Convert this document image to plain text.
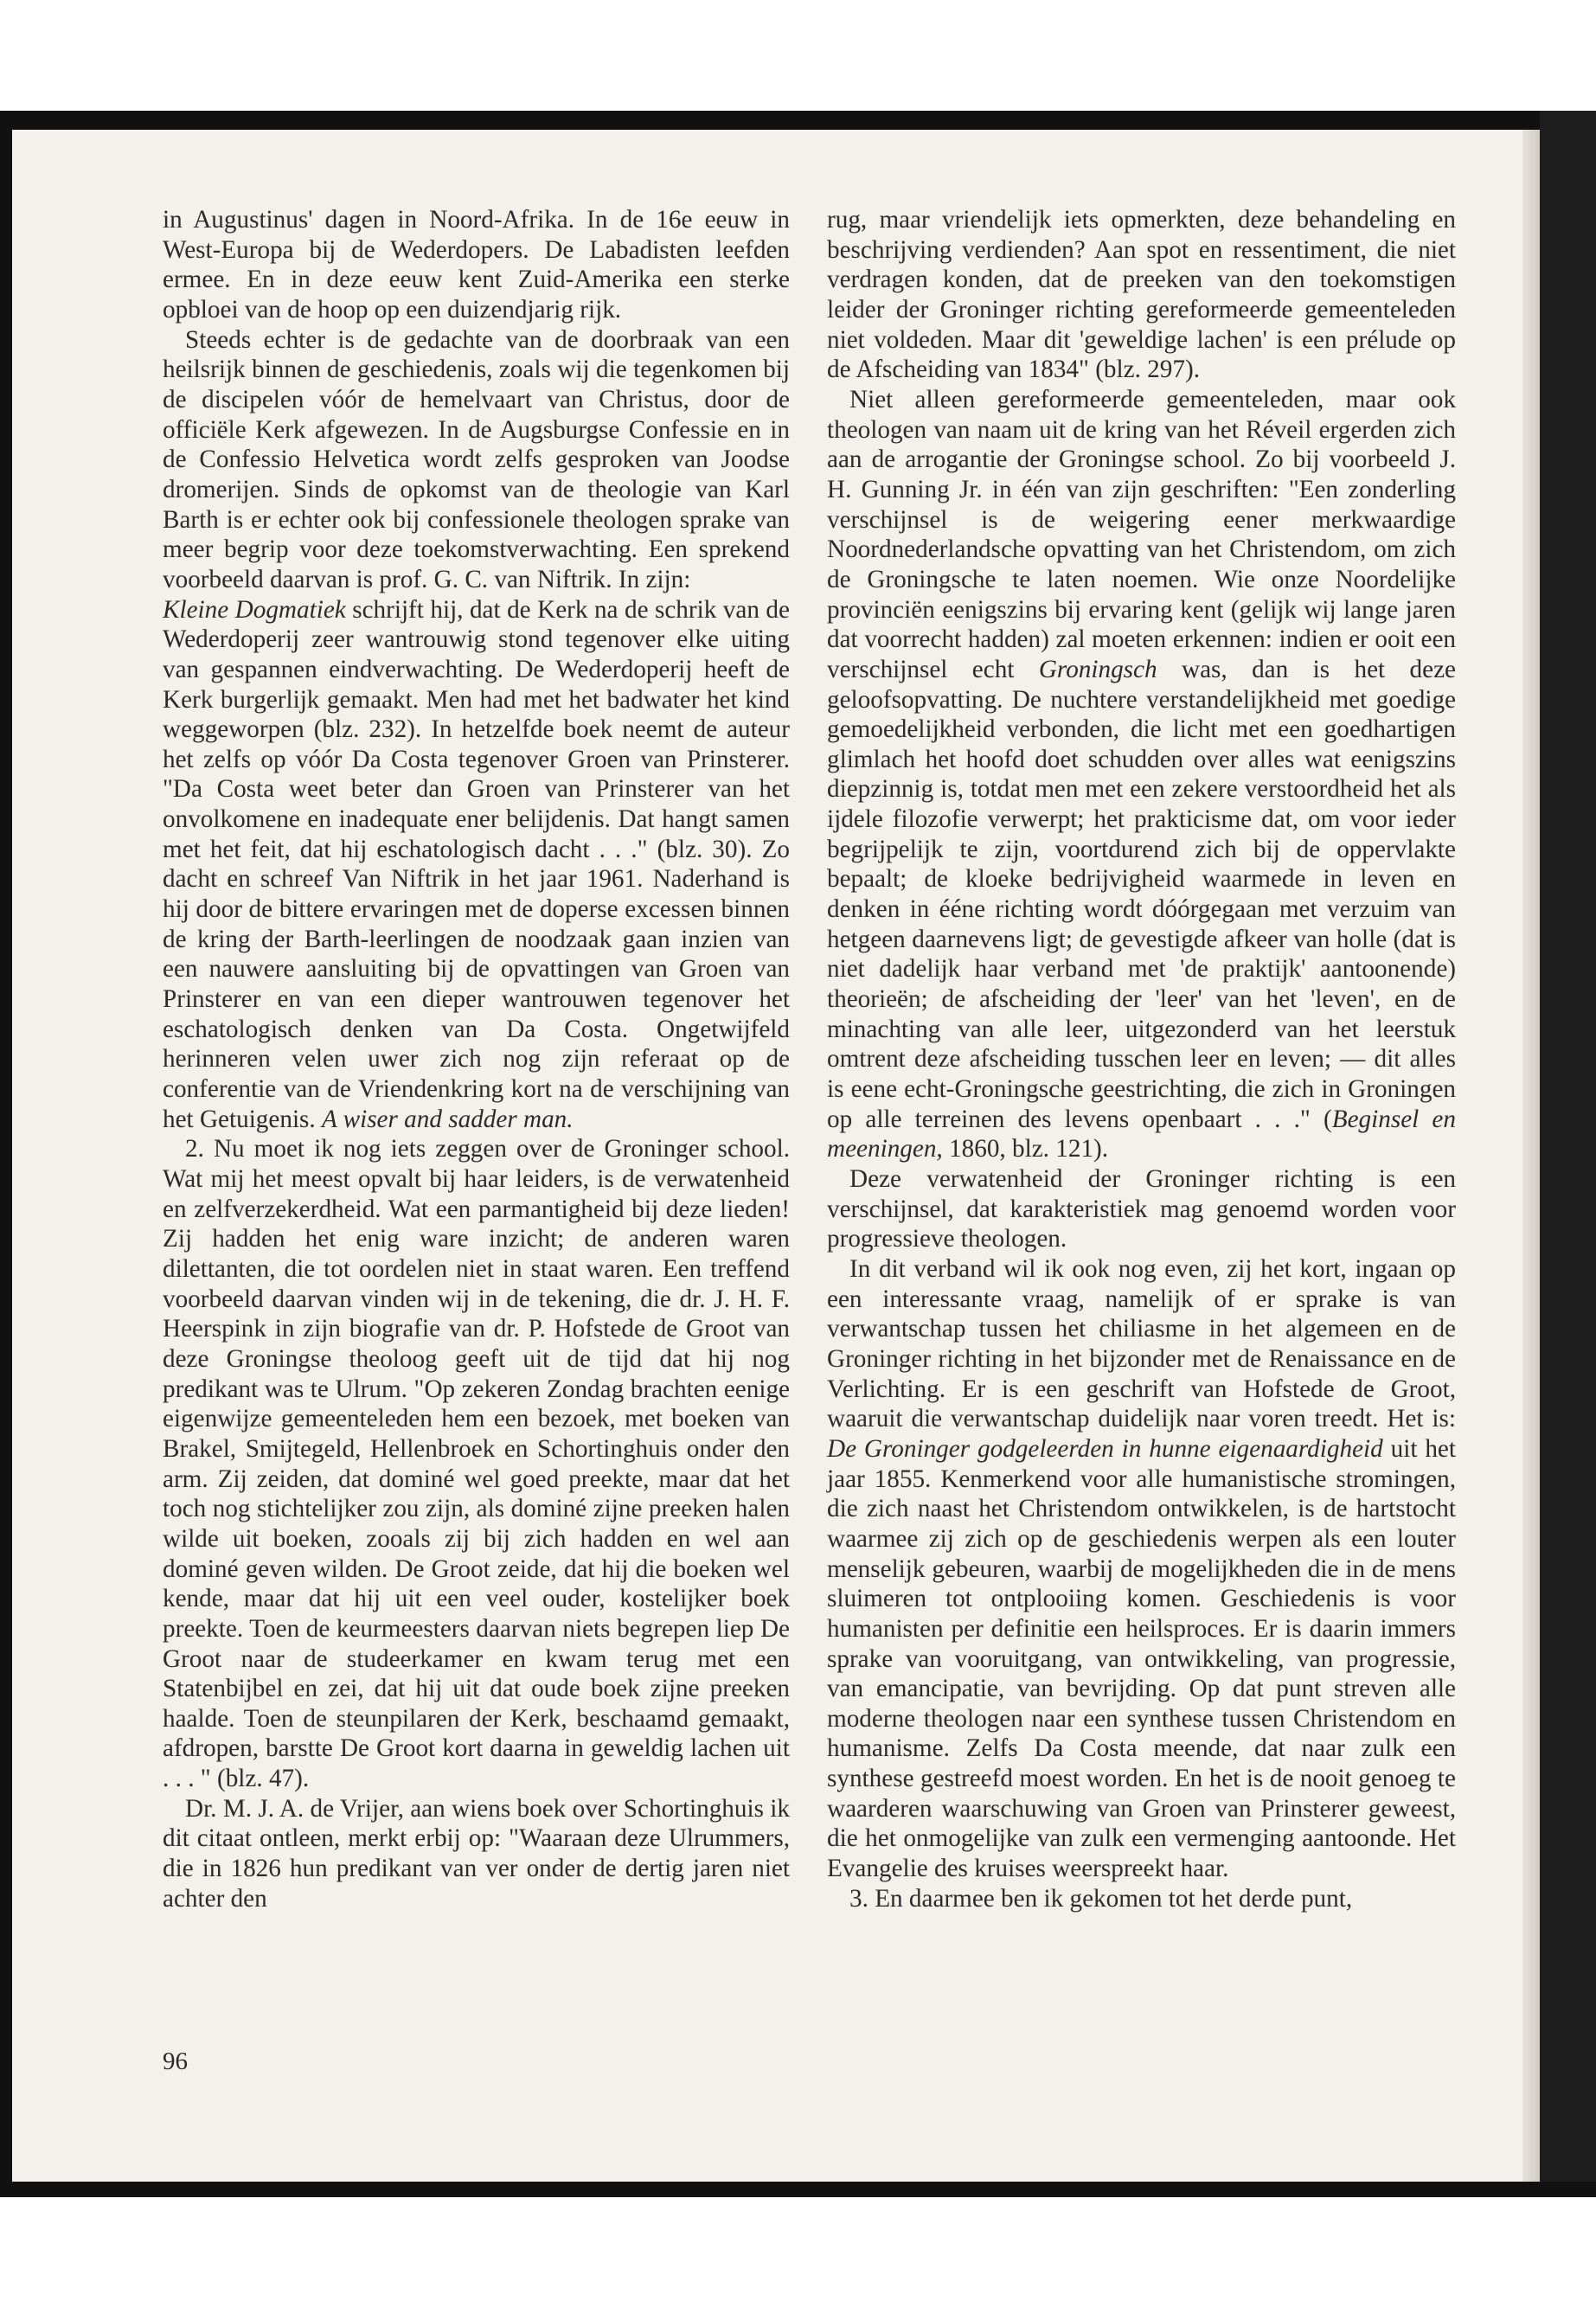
in Augustinus' dagen in Noord-Afrika. In de 16e eeuw in West-Europa bij de Wederdopers. De Labadisten leefden ermee. En in deze eeuw kent Zuid-Amerika een sterke opbloei van de hoop op een duizendjarig rijk.

Steeds echter is de gedachte van de doorbraak van een heilsrijk binnen de geschiedenis, zoals wij die tegenkomen bij de discipelen vóór de hemelvaart van Christus, door de officiële Kerk afgewezen. In de Augsburgse Confessie en in de Confessio Helvetica wordt zelfs gesproken van Joodse dromerijen. Sinds de opkomst van de theologie van Karl Barth is er echter ook bij confessionele theologen sprake van meer begrip voor deze toekomstverwachting. Een sprekend voorbeeld daarvan is prof. G. C. van Niftrik. In zijn:

Kleine Dogmatiek schrijft hij, dat de Kerk na de schrik van de Wederdoperij zeer wantrouwig stond tegenover elke uiting van gespannen eindverwachting. De Wederdoperij heeft de Kerk burgerlijk gemaakt. Men had met het badwater het kind weggeworpen (blz. 232). In hetzelfde boek neemt de auteur het zelfs op vóór Da Costa tegenover Groen van Prinsterer. "Da Costa weet beter dan Groen van Prinsterer van het onvolkomene en inadequate ener belijdenis. Dat hangt samen met het feit, dat hij eschatologisch dacht . . ." (blz. 30). Zo dacht en schreef Van Niftrik in het jaar 1961. Naderhand is hij door de bittere ervaringen met de doperse excessen binnen de kring der Barth-leerlingen de noodzaak gaan inzien van een nauwere aansluiting bij de opvattingen van Groen van Prinsterer en van een dieper wantrouwen tegenover het eschatologisch denken van Da Costa. Ongetwijfeld herinneren velen uwer zich nog zijn referaat op de conferentie van de Vriendenkring kort na de verschijning van het Getuigenis. A wiser and sadder man.

2. Nu moet ik nog iets zeggen over de Groninger school. Wat mij het meest opvalt bij haar leiders, is de verwatenheid en zelfverzekerdheid. Wat een parmantigheid bij deze lieden! Zij hadden het enig ware inzicht; de anderen waren dilettanten, die tot oordelen niet in staat waren. Een treffend voorbeeld daarvan vinden wij in de tekening, die dr. J. H. F. Heerspink in zijn biografie van dr. P. Hofstede de Groot van deze Groningse theoloog geeft uit de tijd dat hij nog predikant was te Ulrum. "Op zekeren Zondag brachten eenige eigenwijze gemeenteleden hem een bezoek, met boeken van Brakel, Smijtegeld, Hellenbroek en Schortinghuis onder den arm. Zij zeiden, dat dominé wel goed preekte, maar dat het toch nog stichtelijker zou zijn, als dominé zijne preeken halen wilde uit boeken, zooals zij bij zich hadden en wel aan dominé geven wilden. De Groot zeide, dat hij die boeken wel kende, maar dat hij uit een veel ouder, kostelijker boek preekte. Toen de keurmeesters daarvan niets begrepen liep De Groot naar de studeerkamer en kwam terug met een Statenbijbel en zei, dat hij uit dat oude boek zijne preeken haalde. Toen de steunpilaren der Kerk, beschaamd gemaakt, afdropen, barstte De Groot kort daarna in geweldig lachen uit . . . " (blz. 47).

Dr. M. J. A. de Vrijer, aan wiens boek over Schortinghuis ik dit citaat ontleen, merkt erbij op: "Waaraan deze Ulrummers, die in 1826 hun predikant van ver onder de dertig jaren niet achter den

96

rug, maar vriendelijk iets opmerkten, deze behandeling en beschrijving verdienden? Aan spot en ressentiment, die niet verdragen konden, dat de preeken van den toekomstigen leider der Groninger richting gereformeerde gemeenteleden niet voldeden. Maar dit 'geweldige lachen' is een prélude op de Afscheiding van 1834" (blz. 297).

Niet alleen gereformeerde gemeenteleden, maar ook theologen van naam uit de kring van het Réveil ergerden zich aan de arrogantie der Groningse school. Zo bij voorbeeld J. H. Gunning Jr. in één van zijn geschriften: "Een zonderling verschijnsel is de weigering eener merkwaardige Noordnederlandsche opvatting van het Christendom, om zich de Groningsche te laten noemen. Wie onze Noordelijke provinciën eenigszins bij ervaring kent (gelijk wij lange jaren dat voorrecht hadden) zal moeten erkennen: indien er ooit een verschijnsel echt Groningsch was, dan is het deze geloofsopvatting. De nuchtere verstandelijkheid met goedige gemoedelijkheid verbonden, die licht met een goedhartigen glimlach het hoofd doet schudden over alles wat eenigszins diepzinnig is, totdat men met een zekere verstoordheid het als ijdele filozofie verwerpt; het prakticisme dat, om voor ieder begrijpelijk te zijn, voortdurend zich bij de oppervlakte bepaalt; de kloeke bedrijvigheid waarmede in leven en denken in ééne richting wordt dóórgegaan met verzuim van hetgeen daarnevens ligt; de gevestigde afkeer van holle (dat is niet dadelijk haar verband met 'de praktijk' aantoonende) theorieën; de afscheiding der 'leer' van het 'leven', en de minachting van alle leer, uitgezonderd van het leerstuk omtrent deze afscheiding tusschen leer en leven; — dit alles is eene echt-Groningsche geestrichting, die zich in Groningen op alle terreinen des levens openbaart . . ." (Beginsel en meeningen, 1860, blz. 121).

Deze verwatenheid der Groninger richting is een verschijnsel, dat karakteristiek mag genoemd worden voor progressieve theologen.

In dit verband wil ik ook nog even, zij het kort, ingaan op een interessante vraag, namelijk of er sprake is van verwantschap tussen het chiliasme in het algemeen en de Groninger richting in het bijzonder met de Renaissance en de Verlichting. Er is een geschrift van Hofstede de Groot, waaruit die verwantschap duidelijk naar voren treedt. Het is: De Groninger godgeleerden in hunne eigenaardigheid uit het jaar 1855. Kenmerkend voor alle humanistische stromingen, die zich naast het Christendom ontwikkelen, is de hartstocht waarmee zij zich op de geschiedenis werpen als een louter menselijk gebeuren, waarbij de mogelijkheden die in de mens sluimeren tot ontplooiing komen. Geschiedenis is voor humanisten per definitie een heilsproces. Er is daarin immers sprake van vooruitgang, van ontwikkeling, van progressie, van emancipatie, van bevrijding. Op dat punt streven alle moderne theologen naar een synthese tussen Christendom en humanisme. Zelfs Da Costa meende, dat naar zulk een synthese gestreefd moest worden. En het is de nooit genoeg te waarderen waarschuwing van Groen van Prinsterer geweest, die het onmogelijke van zulk een vermenging aantoonde. Het Evangelie des kruises weerspreekt haar.

3. En daarmee ben ik gekomen tot het derde punt,
